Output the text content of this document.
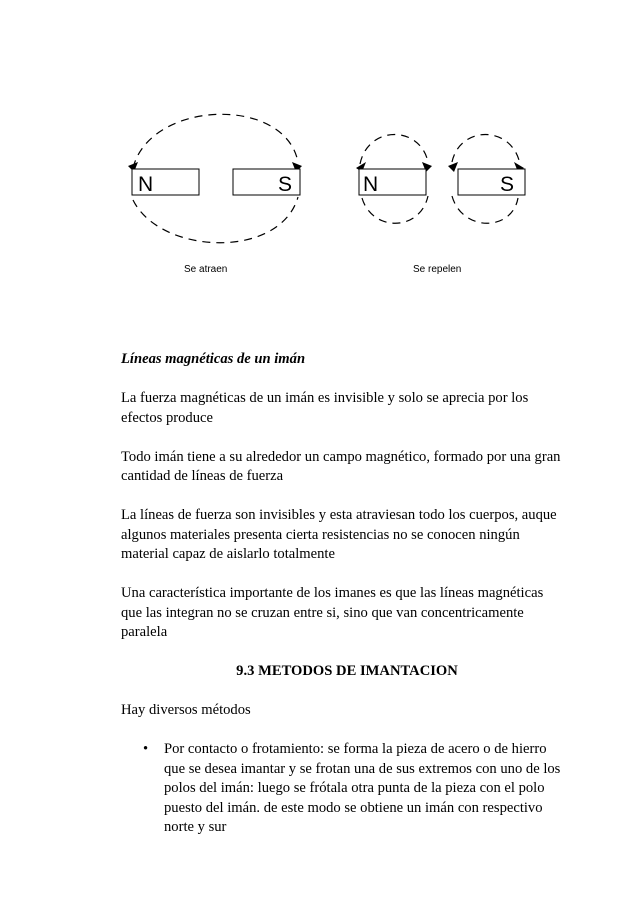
N	S	N	S
Se atraen	Se repelen

Líneas magnéticas de un imán

La fuerza magnéticas de un imán es invisible y solo se aprecia por los efectos produce

Todo imán tiene a su alrededor un campo magnético, formado por una gran cantidad de líneas de fuerza

La líneas de fuerza son invisibles y esta atraviesan todo los cuerpos, auque algunos materiales presenta cierta resistencias no se conocen ningún material capaz de aislarlo totalmente

Una característica importante de los imanes es que las líneas magnéticas que las integran no se cruzan entre si, sino que van concentricamente paralela

9.3 METODOS DE IMANTACION

Hay diversos métodos

• Por contacto o frotamiento: se forma la pieza de acero o de hierro que se desea imantar y se frotan una de sus extremos con uno de los polos del imán: luego se frótala otra punta de la pieza con el polo puesto del imán. de este modo se obtiene un imán con respectivo norte y sur
